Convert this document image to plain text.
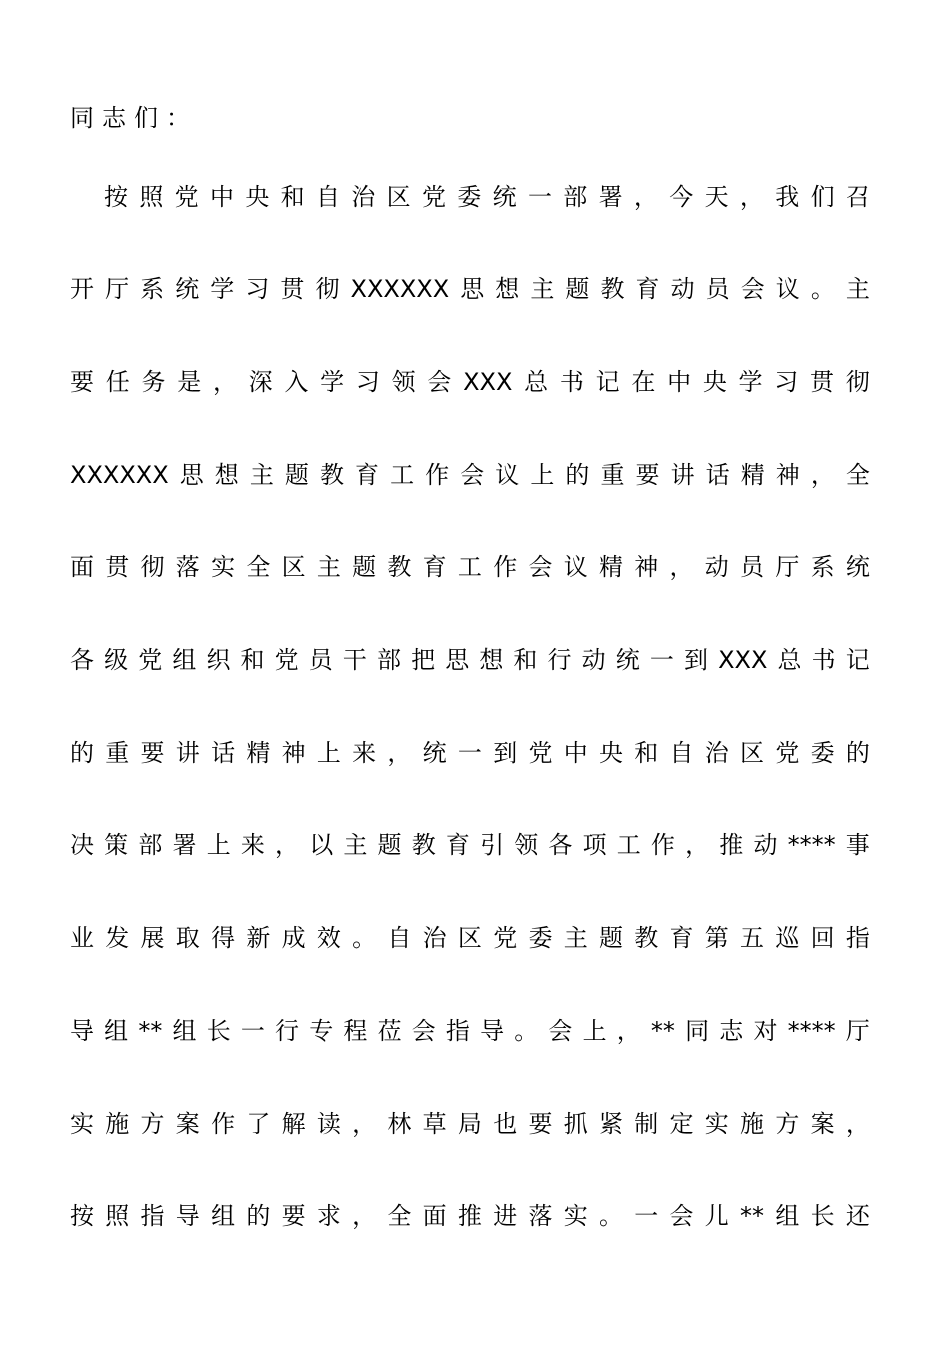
同志们：
按 照 党 中 央 和 自 治 区 党 委 统 一 部 署 ， 今 天 ， 我 们 召
开 厅 系 统 学 习 贯 彻 XXXXXX 思 想 主 题 教 育 动 员 会 议 。 主
要 任 务 是 ， 深 入 学 习 领 会 XXX 总 书 记 在 中 央 学 习 贯 彻
XXXXXX 思 想 主 题 教 育 工 作 会 议 上 的 重 要 讲 话 精 神 ， 全
面 贯 彻 落 实 全 区 主 题 教 育 工 作 会 议 精 神 ， 动 员 厅 系 统
各 级 党 组 织 和 党 员 干 部 把 思 想 和 行 动 统 一 到 XXX 总 书 记
的 重 要 讲 话 精 神 上 来 ， 统 一 到 党 中 央 和 自 治 区 党 委 的
决 策 部 署 上 来 ， 以 主 题 教 育 引 领 各 项 工 作 ， 推 动 **** 事
业 发 展 取 得 新 成 效 。 自 治 区 党 委 主 题 教 育 第 五 巡 回 指
导 组 ** 组 长 一 行 专 程 莅 会 指 导 。 会 上 ， ** 同 志 对 **** 厅
实 施 方 案 作 了 解 读 ， 林 草 局 也 要 抓 紧 制 定 实 施 方 案 ，
按 照 指 导 组 的 要 求 ， 全 面 推 进 落 实 。 一 会 儿 ** 组 长 还
